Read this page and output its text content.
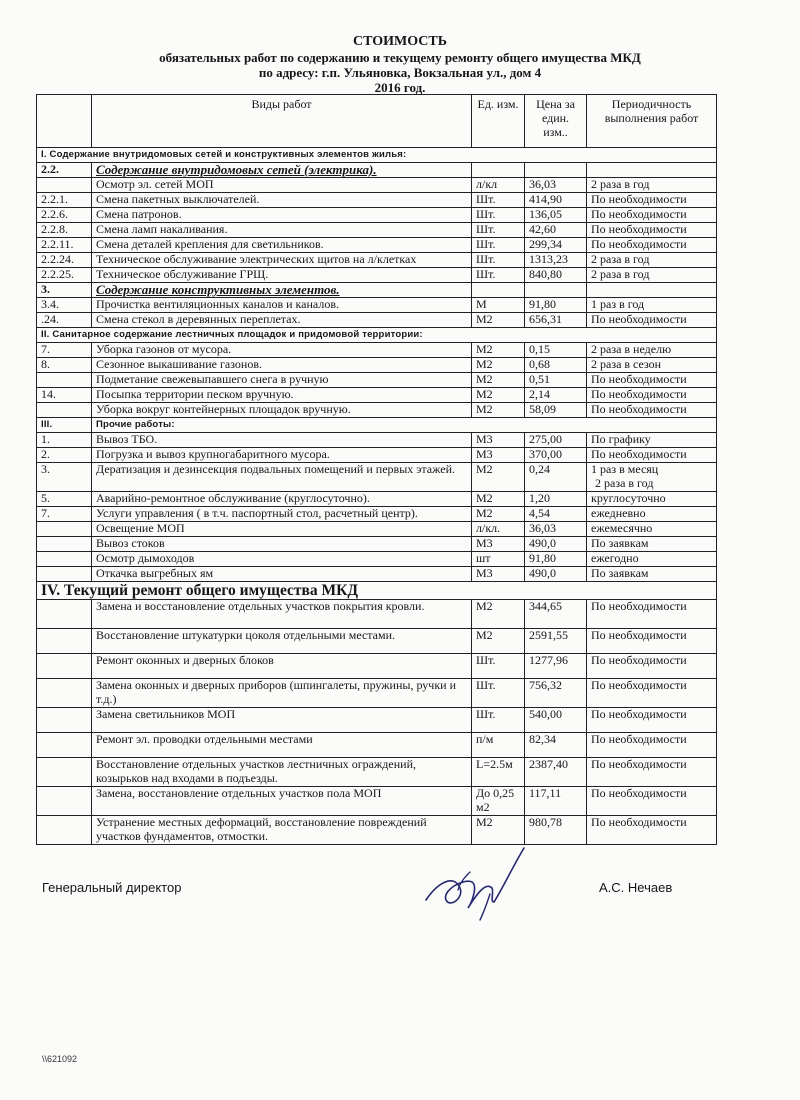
СТОИМОСТЬ
обязательных работ по содержанию и текущему ремонту общего имущества МКД
по адресу: г.п. Ульяновка, Вокзальная ул., дом 4
2016 год.
	Виды работ	Ед. изм.	Цена за един. изм..	Периодичность выполнения работ
I. Содержание внутридомовых сетей и конструктивных элементов жилья:				
2.2.	Содержание внутридомовых сетей (электрика).			
	Осмотр эл. сетей МОП	л/кл	36,03	2 раза в год

2.2.1.	Смена пакетных выключателей.	Шт.	414,90	По необходимости

2.2.6.	Смена патронов.	Шт.	136,05	По необходимости

2.2.8.	Смена ламп накаливания.	Шт.	42,60	По необходимости

2.2.11.	Смена деталей крепления для светильников.	Шт.	299,34	По необходимости

2.2.24.	Техническое обслуживание электрических щитов на л/клетках	Шт.	1313,23	2 раза в год

2.2.25.	Техническое обслуживание ГРЩ.	Шт.	840,80	2 раза в год

3.	Содержание конструктивных элементов.			
3.4.	Прочистка вентиляционных каналов и каналов.	М	91,80	1 раз в год

.24.	Смена стекол в деревянных переплетах.	М2	656,31	По необходимости

II. Санитарное содержание лестничных площадок и придомовой территории:				
7.	Уборка газонов от мусора.	М2	0,15	2 раза в неделю

8.	Сезонное выкашивание газонов.	М2	0,68	2 раза в сезон

	Подметание свежевыпавшего снега в ручную	М2	0,51	По необходимости

14.	Посыпка территории песком вручную.	М2	2,14	По необходимости

	Уборка вокруг контейнерных площадок вручную.	М2	58,09	По необходимости

III.	Прочие работы:			
1.	Вывоз ТБО.	М3	275,00	По графику

2.	Погрузка и вывоз крупногабаритного мусора.	М3	370,00	По необходимости

3.	Дератизация и дезинсекция подвальных помещений и первых этажей.	М2	0,24	1 раз в месяц
2 раза в год

5.	Аварийно-ремонтное обслуживание (круглосуточно).	М2	1,20	круглосуточно

7.	Услуги управления ( в т.ч. паспортный стол, расчетный центр).	М2	4,54	ежедневно

	Освещение МОП	л/кл.	36,03	ежемесячно

	Вывоз стоков	М3	490,0	По заявкам

	Осмотр дымоходов	шт	91,80	ежегодно

	Откачка выгребных ям	М3	490,0	По заявкам

IV. Текущий ремонт общего имущества МКД				
	Замена и восстановление отдельных участков покрытия кровли.	М2	344,65	По необходимости

	Восстановление штукатурки цоколя отдельными местами.	М2	2591,55	По необходимости

	Ремонт оконных и дверных блоков	Шт.	1277,96	По необходимости

	Замена оконных и дверных приборов (шпингалеты, пружины, ручки и т.д.)	Шт.	756,32	По необходимости

	Замена светильников МОП	Шт.	540,00	По необходимости

	Ремонт эл. проводки отдельными местами	п/м	82,34	По необходимости

	Восстановление отдельных участков лестничных ограждений, козырьков над входами в подъезды.	L=2.5м	2387,40	По необходимости

	Замена, восстановление отдельных участков пола МОП	До 0,25 м2	117,11	По необходимости

	Устранение местных деформаций, восстановление повреждений участков фундаментов, отмостки.	М2	980,78	По необходимости
Генеральный директор	А.С. Нечаев
\\621092
